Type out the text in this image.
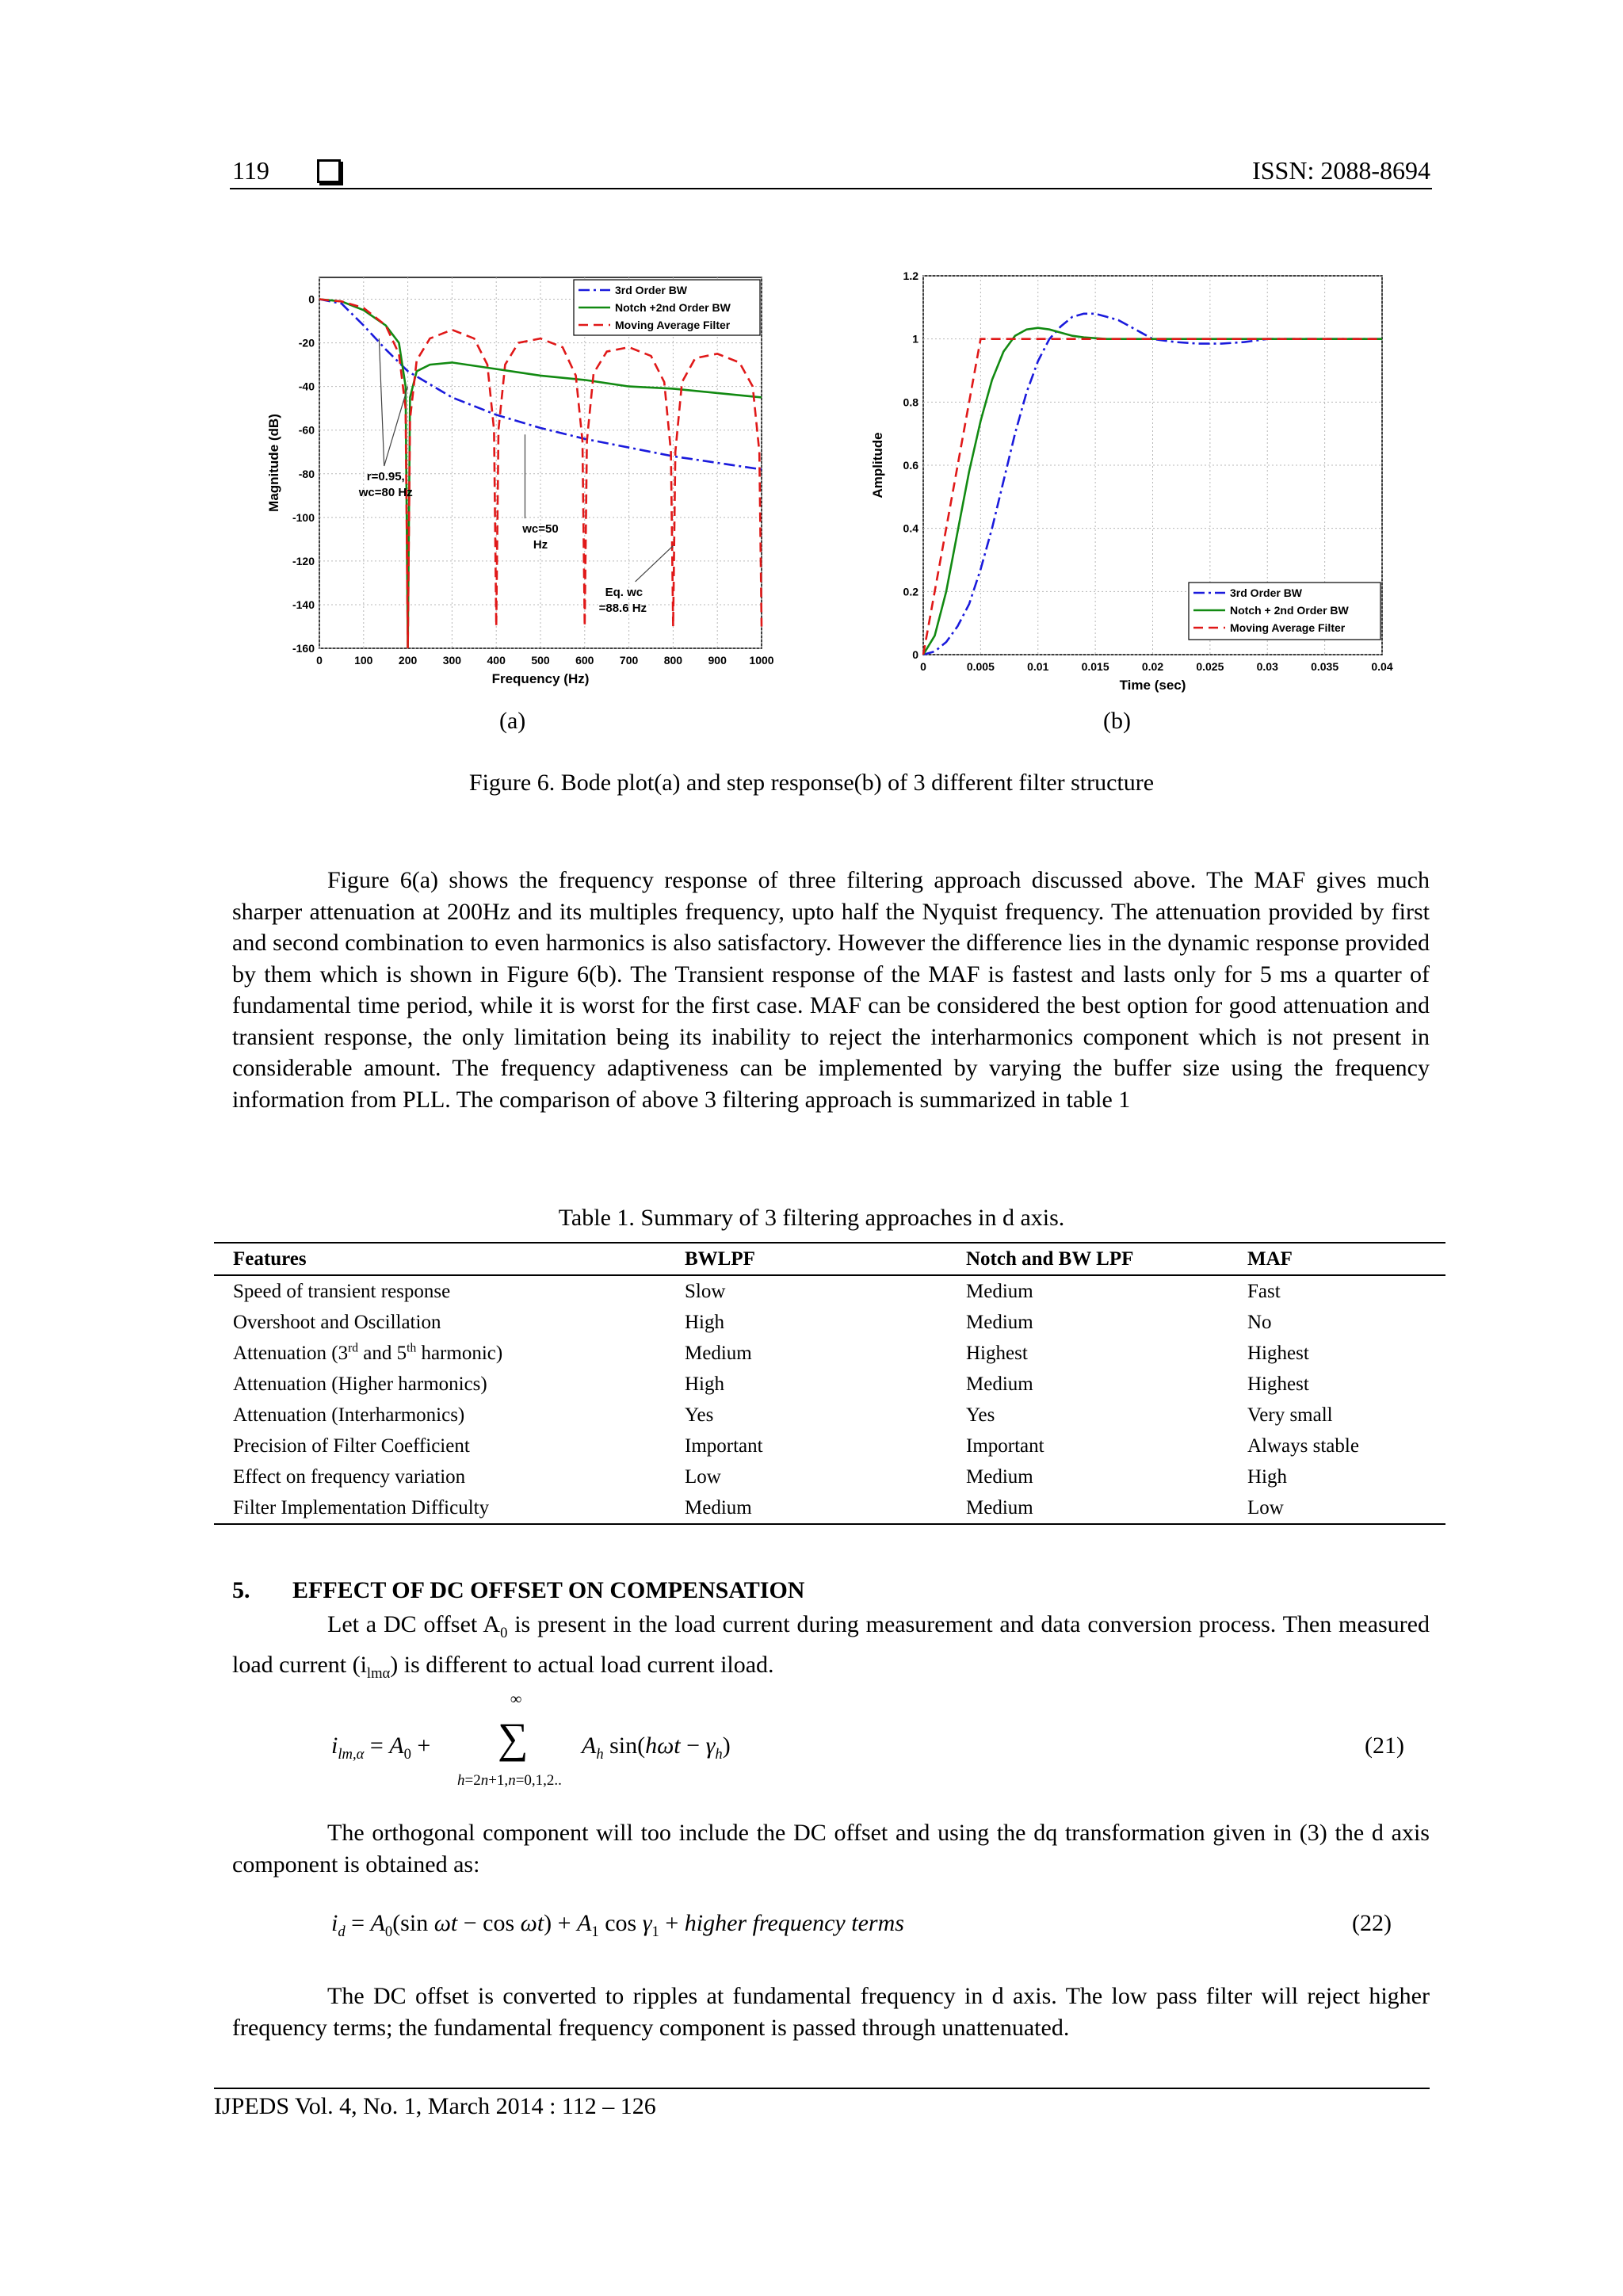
119	ISSN: 2088-8694
0	100 200 300 400 500 600 700 800 900 1000
0
-20
-40
-60
-80
-100
-120
-140
-160
Frequency (Hz)
Magnitude (dB)
3rd Order BW
Notch +2nd Order BW
Moving Average Filter
r=0.95,
wc=80 Hz
wc=50
Hz
Eq. wc
=88.6 Hz
0	0.005	0.01	0.015	0.02	0.025	0.03	0.035	0.04
0
0.2
0.4
0.6
0.8
1
1.2
Time (sec)
Amplitude
3rd Order BW
Notch + 2nd Order BW
Moving Average Filter
(a)	(b)
Figure 6. Bode plot(a) and step response(b) of 3 different filter structure

Figure 6(a) shows the frequency response of three filtering approach discussed above. The MAF gives much sharper attenuation at 200Hz and its multiples frequency, upto half the Nyquist frequency. The attenuation provided by first and second combination to even harmonics is also satisfactory. However the difference lies in the dynamic response provided by them which is shown in Figure 6(b). The Transient response of the MAF is fastest and lasts only for 5 ms a quarter of fundamental time period, while it is worst for the first case. MAF can be considered the best option for good attenuation and transient response, the only limitation being its inability to reject the interharmonics component which is not present in considerable amount. The frequency adaptiveness can be implemented by varying the buffer size using the frequency information from PLL. The comparison of above 3 filtering approach is summarized in table 1

Table 1. Summary of 3 filtering approaches in d axis.
Features	BWLPF	Notch and BW LPF	MAF
Speed of transient response	Slow	Medium	Fast
Overshoot and Oscillation	High	Medium	No
Attenuation (3rd and 5th harmonic)	Medium	Highest	Highest
Attenuation (Higher harmonics)	High	Medium	Highest
Attenuation (Interharmonics)	Yes	Yes	Very small
Precision of Filter Coefficient	Important	Important	Always stable
Effect on frequency variation	Low	Medium	High
Filter Implementation Difficulty	Medium	Medium	Low
5. EFFECT OF DC OFFSET ON COMPENSATION

Let a DC offset $A_0$ is present in the load current during measurement and data conversion process. Then measured load current $(i_{lm\alpha})$ is different to actual load current iload.

$i_{lm,\alpha} = A_0$ +
∞
∑
h=2n+1,n=0,1,2..
$A_h$ $\sin(h\omega t - \gamma_h)$	(21)

The orthogonal component will too include the DC offset and using the dq transformation given in (3) the d axis component is obtained as:

$i_d = A_0(\sin$ $\omega t - \cos \omega t) + A_1$ $\cos \gamma_1$ + higher frequency terms	(22)

The DC offset is converted to ripples at fundamental frequency in d axis. The low pass filter will reject higher frequency terms; the fundamental frequency component is passed through unattenuated.

IJPEDS Vol. 4, No. 1, March 2014 : 112 – 126
